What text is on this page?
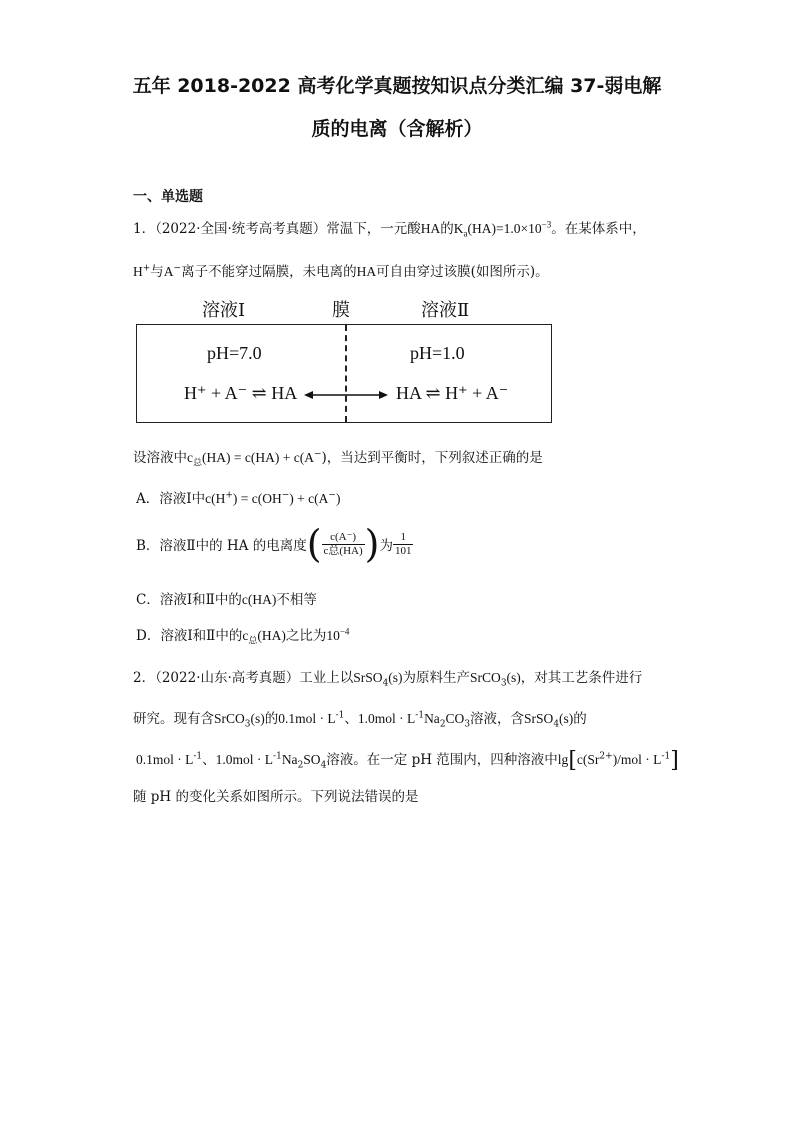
五年 2018-2022 高考化学真题按知识点分类汇编 37-弱电解
质的电离（含解析）
一、单选题
1．（2022·全国·统考高考真题）常温下，一元酸HA的$K_a(HA)=1.0\times 10^{-3}$。在某体系中，
H+与A−离子不能穿过隔膜，未电离的HA可自由穿过该膜(如图所示)。
溶液Ⅰ	膜	溶液Ⅱ
pH=7.0	pH=1.0
H⁺ + A⁻ ⇌ HA	HA ⇌ H⁺ + A⁻
设溶液中$c_总(HA) = c(HA) + c(A^-)$，当达到平衡时，下列叙述正确的是
A．溶液Ⅰ中c(H+) = c(OH−) + c(A−)
B．溶液Ⅱ中的 HA 的电离度( $\frac{c(A^-)}{\text{c总(HA)}}$ )为 $\frac{1}{101}$
C．溶液Ⅰ和Ⅱ中的c(HA)不相等
D．溶液Ⅰ和Ⅱ中的$c_总(HA)$之比为$10^{-4}$
2．（2022·山东·高考真题）工业上以SrSO$_4$(s)为原料生产SrCO$_3$(s)，对其工艺条件进行
研究。现有含SrCO$_3$(s)的$0.1mol \cdot L^{-1}$、$1.0mol \cdot L^{-1}Na_2CO_3$溶液，含SrSO$_4$(s)的
$0.1mol \cdot L^{-1}$、$1.0mol \cdot L^{-1}Na_2SO_4$溶液。在一定 pH 范围内，四种溶液中$\lg[c(Sr^{2+})$/mol · $L^{-1}$]
随 pH 的变化关系如图所示。下列说法错误的是
